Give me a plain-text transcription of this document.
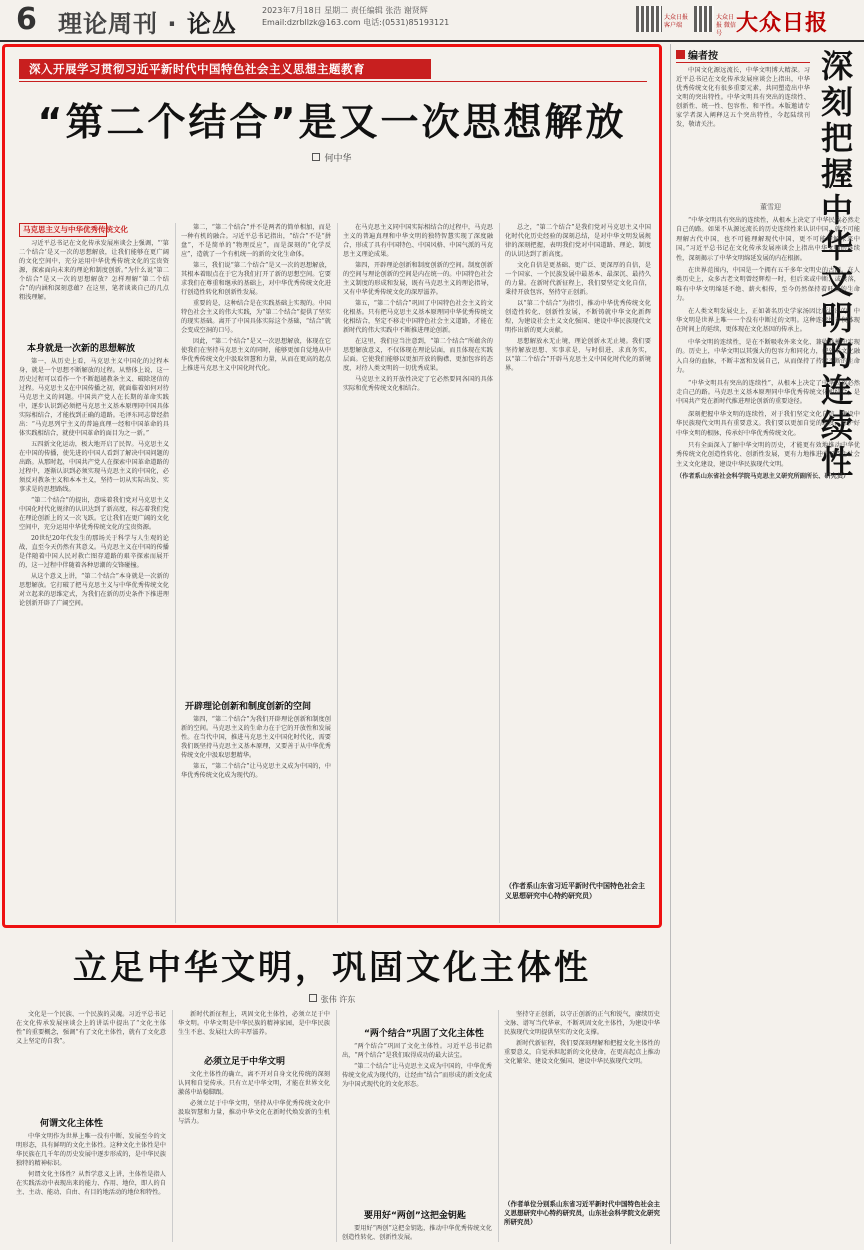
6 理论周刊 · 论丛	2023年7月18日 星期二 责任编辑 张浩 谢贤辉
Email:dzrbllzk@163.com 电话:(0531)85193121
大众日报 客户端
大众日报 微信号 大众日报
深入开展学习贯彻习近平新时代中国特色社会主义思想主题教育
“第二个结合”是又一次思想解放
何中华
马克思主义与中华优秀传统文化

习近平总书记在文化传承发展座谈会上强调，“‘第二个结合’是又一次的思想解放，让我们能够在更广阔的文化空间中，充分运用中华优秀传统文化的宝贵资源，探索面向未来的理论和制度创新。”为什么说“第二个结合”是又一次的思想解放？怎样理解“第二个结合”的内涵和深刻意蕴？在这里，笔者谈谈自己的几点粗浅理解。

本身就是一次新的思想解放

第一，从历史上看，马克思主义中国化的过程本身，就是一个思想不断解放的过程。从整体上说，这一历史过程可以看作一个不断超越教条主义、破除迷信的过程。马克思主义在中国传播之初，就面临着如何对待马克思主义的问题。中国共产党人在长期的革命实践中，逐步认识到必须把马克思主义基本原理同中国具体实际相结合，才能找到正确的道路。毛泽东同志曾经指出：“马克思列宁主义的普遍真理一经和中国革命的具体实践相结合，就使中国革命的面目为之一新。”

五四新文化运动，极大地开启了民智。马克思主义在中国的传播，使先进的中国人看到了解决中国问题的出路。从那时起，中国共产党人在探索中国革命道路的过程中，逐渐认识到必须实现马克思主义的中国化，必须反对教条主义和本本主义，坚持一切从实际出发、实事求是的思想路线。

“第二个结合”的提出，意味着我们党对马克思主义中国化时代化规律的认识达到了新高度，标志着我们党在理论创新上的又一次飞跃。它让我们在更广阔的文化空间中，充分运用中华优秀传统文化的宝贵资源。

20世纪20年代发生的那场关于科学与人生观的论战，直至今天仍然有其意义。马克思主义在中国的传播是伴随着中国人民对救亡图存道路的艰辛探索而展开的，这一过程中伴随着各种思潮的交锋碰撞。

从这个意义上讲，“第二个结合”本身就是一次新的思想解放。它打破了把马克思主义与中华优秀传统文化对立起来的思维定式，为我们在新的历史条件下推进理论创新开辟了广阔空间。

第二，“第二个结合”并不是两者的简单相加，而是一种有机的融合。习近平总书记指出，“结合”不是“拼盘”，不是简单的“物理反应”，而是深刻的“化学反应”，造就了一个有机统一的新的文化生命体。

第三，我们说“第二个结合”是又一次的思想解放，其根本着眼点在于它为我们打开了新的思想空间。它要求我们在尊重和继承的基础上，对中华优秀传统文化进行创造性转化和创新性发展。

重要的是，这种结合是在实践基础上实现的。中国特色社会主义的伟大实践，为“第二个结合”提供了坚实的现实基础。离开了中国具体实际这个基础，“结合”就会变成空洞的口号。

因此，“第二个结合”是又一次思想解放，体现在它使我们在坚持马克思主义的同时，能够更加自觉地从中华优秀传统文化中汲取智慧和力量，从而在更高的起点上推进马克思主义中国化时代化。

开辟理论创新和制度创新的空间

第四，“第二个结合”为我们开辟理论创新和制度创新的空间。马克思主义的生命力在于它的开放性和发展性。在当代中国，推进马克思主义中国化时代化，需要我们既坚持马克思主义基本原理，又要善于从中华优秀传统文化中汲取思想精华。

第五，“第二个结合”让马克思主义成为中国的，中华优秀传统文化成为现代的。

在马克思主义同中国实际相结合的过程中，马克思主义的普遍真理和中华文明的独特智慧实现了深度融合，形成了具有中国特色、中国风格、中国气派的马克思主义理论成果。

第四，开辟理论创新和制度创新的空间。制度创新的空间与理论创新的空间是内在统一的。中国特色社会主义制度的形成和发展，既有马克思主义的理论指导，又有中华优秀传统文化的深厚滋养。

第五，“第二个结合”巩固了中国特色社会主义的文化根基。只有把马克思主义基本原理同中华优秀传统文化相结合，坚定不移走中国特色社会主义道路，才能在新时代的伟大实践中不断推进理论创新。

在这里，我们应当注意到，“第二个结合”所蕴含的思想解放意义，不仅体现在理论层面，而且体现在实践层面。它使我们能够以更加开放的胸襟、更加包容的态度，对待人类文明的一切优秀成果。

马克思主义的开放性决定了它必然要同各国的具体实际和优秀传统文化相结合。

总之，“第二个结合”是我们党对马克思主义中国化时代化历史经验的深刻总结，是对中华文明发展规律的深刻把握，表明我们党对中国道路、理论、制度的认识达到了新高度。

文化自信是更基础、更广泛、更深厚的自信，是一个国家、一个民族发展中最基本、最深沉、最持久的力量。在新时代新征程上，我们要坚定文化自信，秉持开放包容，坚持守正创新。

以“第二个结合”为指引，推动中华优秀传统文化创造性转化、创新性发展，不断铸就中华文化新辉煌，为建设社会主义文化强国、建设中华民族现代文明作出新的更大贡献。

思想解放永无止境，理论创新永无止境。我们要坚持解放思想、实事求是、与时俱进、求真务实，以“第二个结合”开辟马克思主义中国化时代化的新境界。

（作者系山东省习近平新时代中国特色社会主义思想研究中心特约研究员）
编者按

中国文化源远流长，中华文明博大精深。习近平总书记在文化传承发展座谈会上指出，中华优秀传统文化有很多重要元素，共同塑造出中华文明的突出特性。中华文明具有突出的连续性、创新性、统一性、包容性、和平性。本版邀请专家学者深入阐释这五个突出特性，今起陆续刊发，敬请关注。

深刻把握中华文明的连续性
董雪迎

“中华文明具有突出的连续性，从根本上决定了中华民族必然走自己的路。如果不从源远流长的历史连续性来认识中国，就不可能理解古代中国，也不可能理解现代中国，更不可能理解未来中国。”习近平总书记在文化传承发展座谈会上指出中华文明的连续性，深刻揭示了中华文明绵延发展的内在根据。

在世界范围内，中国是一个拥有五千多年文明史的古国。在人类历史上，众多古老文明曾经辉煌一时，但后来或中断、或衰落，唯有中华文明绵延不绝、薪火相传，至今仍然保持着旺盛的生命力。

在人类文明发展史上，正如著名历史学家汤因比所指出的，中华文明是世界上唯一一个没有中断过的文明。这种连续性不仅体现在时间上的延续，更体现在文化基因的传承上。

中华文明的连续性，是在不断吸收外来文化、兼收并蓄中实现的。历史上，中华文明以其强大的包容力和同化力，把外来文化融入自身的血脉，不断丰富和发展自己，从而保持了持续不断的生命力。

“中华文明具有突出的连续性”，从根本上决定了中华民族必然走自己的路。马克思主义基本原理同中华优秀传统文化相结合，是中国共产党在新时代推进理论创新的重要途径。

深刻把握中华文明的连续性，对于我们坚定文化自信、建设中华民族现代文明具有重要意义。我们要以更加自觉的态度，守护好中华文明的根脉，传承好中华优秀传统文化。

只有全面深入了解中华文明的历史，才能更有效地推动中华优秀传统文化创造性转化、创新性发展，更有力地推进中国特色社会主义文化建设，建设中华民族现代文明。

（作者系山东省社会科学院马克思主义研究所副所长、研究员）

立足中华文明，巩固文化主体性
张伟 许东

文化是一个民族、一个民族的灵魂。习近平总书记在文化传承发展座谈会上的讲话中提出了“文化主体性”的重要概念，强调“有了文化主体性，就有了文化意义上坚定的自我”。

何谓文化主体性

中华文明作为世界上唯一没有中断、发展至今的文明形态，具有鲜明的文化主体性。这种文化主体性是中华民族在几千年的历史发展中逐步形成的，是中华民族独特的精神标识。

何谓文化主体性？从哲学意义上讲，主体性是指人在实践活动中表现出来的能力、作用、地位，即人的自主、主动、能动、自由、有目的地活动的地位和特性。

新时代新征程上，巩固文化主体性，必须立足于中华文明。中华文明是中华民族的精神家园，是中华民族生生不息、发展壮大的丰厚滋养。

必须立足于中华文明

文化主体性的确立，离不开对自身文化传统的深刻认同和自觉传承。只有立足中华文明，才能在世界文化激荡中站稳脚跟。

必须立足于中华文明，坚持从中华优秀传统文化中汲取智慧和力量，推动中华文化在新时代焕发新的生机与活力。

“两个结合”巩固了文化主体性

“两个结合”巩固了文化主体性。习近平总书记指出，“两个结合”是我们取得成功的最大法宝。

“第二个结合”让马克思主义成为中国的，中华优秀传统文化成为现代的，让经由“结合”而形成的新文化成为中国式现代化的文化形态。

要用好“两创”这把金钥匙

要用好“两创”这把金钥匙，推动中华优秀传统文化创造性转化、创新性发展。

坚持守正创新，以守正创新的正气和锐气，赓续历史文脉、谱写当代华章，不断巩固文化主体性，为建设中华民族现代文明提供坚实的文化支撑。

新时代新征程，我们要深刻理解和把握文化主体性的重要意义，自觉承担起新的文化使命，在更高起点上推动文化繁荣、建设文化强国、建设中华民族现代文明。

（作者单位分别系山东省习近平新时代中国特色社会主义思想研究中心特约研究员，山东社会科学院文化研究所研究员）
